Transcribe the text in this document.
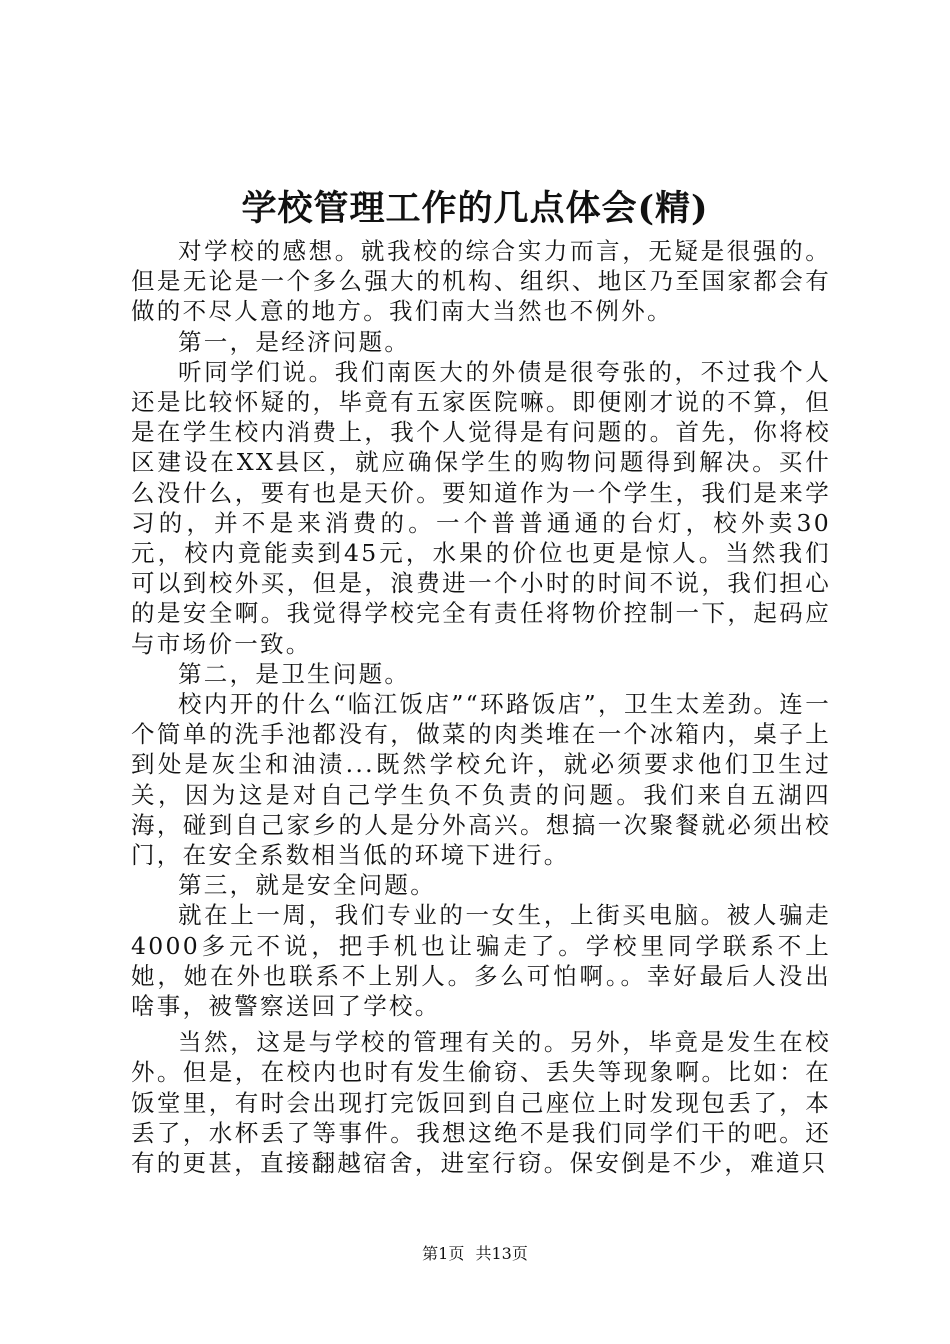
学校管理工作的几点体会(精)

对学校的感想。就我校的综合实力而言，无疑是很强的。但是无论是一个多么强大的机构、组织、地区乃至国家都会有做的不尽人意的地方。我们南大当然也不例外。

第一，是经济问题。

听同学们说。我们南医大的外债是很夸张的，不过我个人还是比较怀疑的，毕竟有五家医院嘛。即便刚才说的不算，但是在学生校内消费上，我个人觉得是有问题的。首先，你将校区建设在XX县区，就应确保学生的购物问题得到解决。买什么没什么，要有也是天价。要知道作为一个学生，我们是来学习的，并不是来消费的。一个普普通通的台灯，校外卖30元，校内竟能卖到45元，水果的价位也更是惊人。当然我们可以到校外买，但是，浪费进一个小时的时间不说，我们担心的是安全啊。我觉得学校完全有责任将物价控制一下，起码应与市场价一致。

第二，是卫生问题。

校内开的什么“临江饭店”“环路饭店”，卫生太差劲。连一个简单的洗手池都没有，做菜的肉类堆在一个冰箱内，桌子上到处是灰尘和油渍...既然学校允许，就必须要求他们卫生过关，因为这是对自己学生负不负责的问题。我们来自五湖四海，碰到自己家乡的人是分外高兴。想搞一次聚餐就必须出校门，在安全系数相当低的环境下进行。

第三，就是安全问题。

就在上一周，我们专业的一女生，上街买电脑。被人骗走4000多元不说，把手机也让骗走了。学校里同学联系不上她，她在外也联系不上别人。多么可怕啊。。幸好最后人没出啥事，被警察送回了学校。

当然，这是与学校的管理有关的。另外，毕竟是发生在校外。但是，在校内也时有发生偷窃、丢失等现象啊。比如：在饭堂里，有时会出现打完饭回到自己座位上时发现包丢了，本丢了，水杯丢了等事件。我想这绝不是我们同学们干的吧。还有的更甚，直接翻越宿舍，进室行窃。保安倒是不少，难道只

第1页 共13页
